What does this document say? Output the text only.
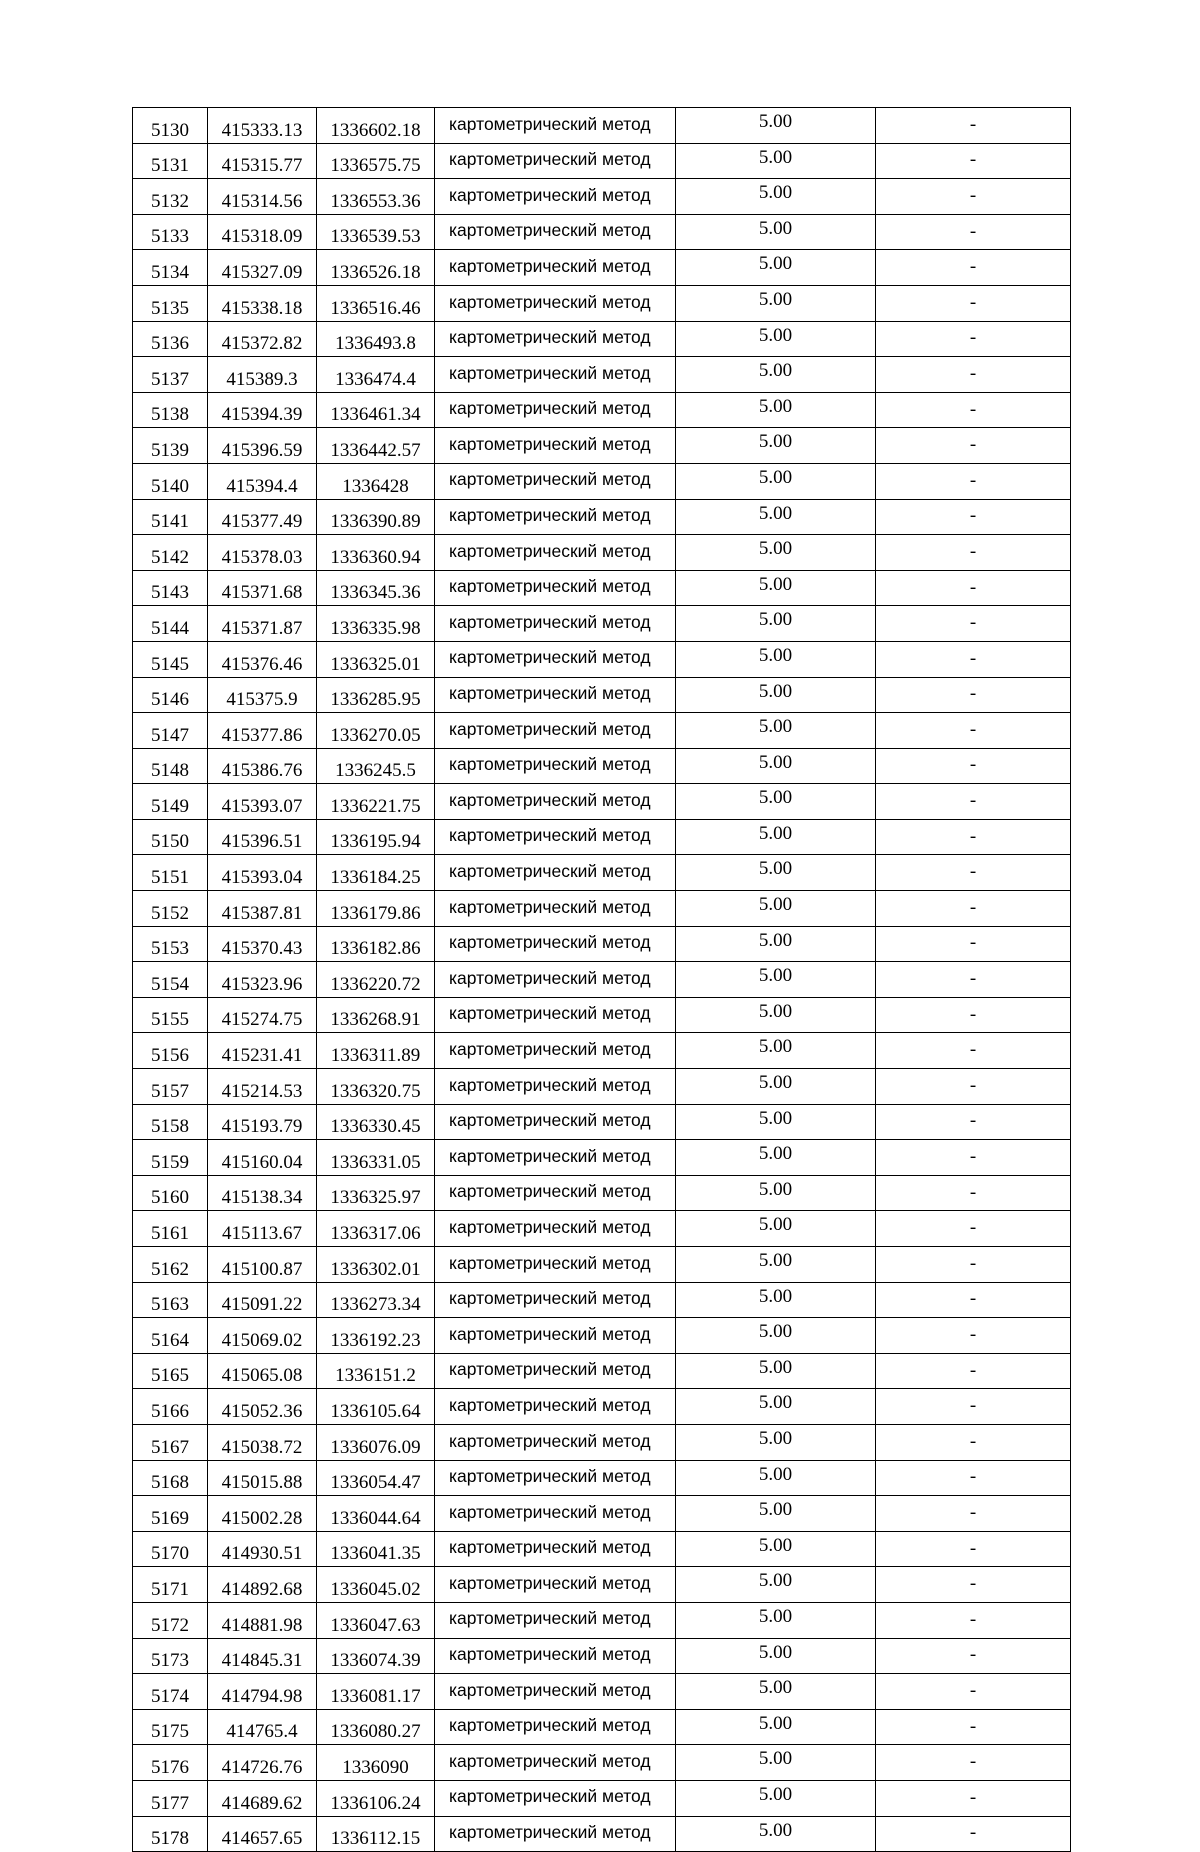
5130	415333.13	1336602.18	картометрический метод	5.00	-
5131	415315.77	1336575.75	картометрический метод	5.00	-
5132	415314.56	1336553.36	картометрический метод	5.00	-
5133	415318.09	1336539.53	картометрический метод	5.00	-
5134	415327.09	1336526.18	картометрический метод	5.00	-
5135	415338.18	1336516.46	картометрический метод	5.00	-
5136	415372.82	1336493.8	картометрический метод	5.00	-
5137	415389.3	1336474.4	картометрический метод	5.00	-
5138	415394.39	1336461.34	картометрический метод	5.00	-
5139	415396.59	1336442.57	картометрический метод	5.00	-
5140	415394.4	1336428	картометрический метод	5.00	-
5141	415377.49	1336390.89	картометрический метод	5.00	-
5142	415378.03	1336360.94	картометрический метод	5.00	-
5143	415371.68	1336345.36	картометрический метод	5.00	-
5144	415371.87	1336335.98	картометрический метод	5.00	-
5145	415376.46	1336325.01	картометрический метод	5.00	-
5146	415375.9	1336285.95	картометрический метод	5.00	-
5147	415377.86	1336270.05	картометрический метод	5.00	-
5148	415386.76	1336245.5	картометрический метод	5.00	-
5149	415393.07	1336221.75	картометрический метод	5.00	-
5150	415396.51	1336195.94	картометрический метод	5.00	-
5151	415393.04	1336184.25	картометрический метод	5.00	-
5152	415387.81	1336179.86	картометрический метод	5.00	-
5153	415370.43	1336182.86	картометрический метод	5.00	-
5154	415323.96	1336220.72	картометрический метод	5.00	-
5155	415274.75	1336268.91	картометрический метод	5.00	-
5156	415231.41	1336311.89	картометрический метод	5.00	-
5157	415214.53	1336320.75	картометрический метод	5.00	-
5158	415193.79	1336330.45	картометрический метод	5.00	-
5159	415160.04	1336331.05	картометрический метод	5.00	-
5160	415138.34	1336325.97	картометрический метод	5.00	-
5161	415113.67	1336317.06	картометрический метод	5.00	-
5162	415100.87	1336302.01	картометрический метод	5.00	-
5163	415091.22	1336273.34	картометрический метод	5.00	-
5164	415069.02	1336192.23	картометрический метод	5.00	-
5165	415065.08	1336151.2	картометрический метод	5.00	-
5166	415052.36	1336105.64	картометрический метод	5.00	-
5167	415038.72	1336076.09	картометрический метод	5.00	-
5168	415015.88	1336054.47	картометрический метод	5.00	-
5169	415002.28	1336044.64	картометрический метод	5.00	-
5170	414930.51	1336041.35	картометрический метод	5.00	-
5171	414892.68	1336045.02	картометрический метод	5.00	-
5172	414881.98	1336047.63	картометрический метод	5.00	-
5173	414845.31	1336074.39	картометрический метод	5.00	-
5174	414794.98	1336081.17	картометрический метод	5.00	-
5175	414765.4	1336080.27	картометрический метод	5.00	-
5176	414726.76	1336090	картометрический метод	5.00	-
5177	414689.62	1336106.24	картометрический метод	5.00	-
5178	414657.65	1336112.15	картометрический метод	5.00	-
